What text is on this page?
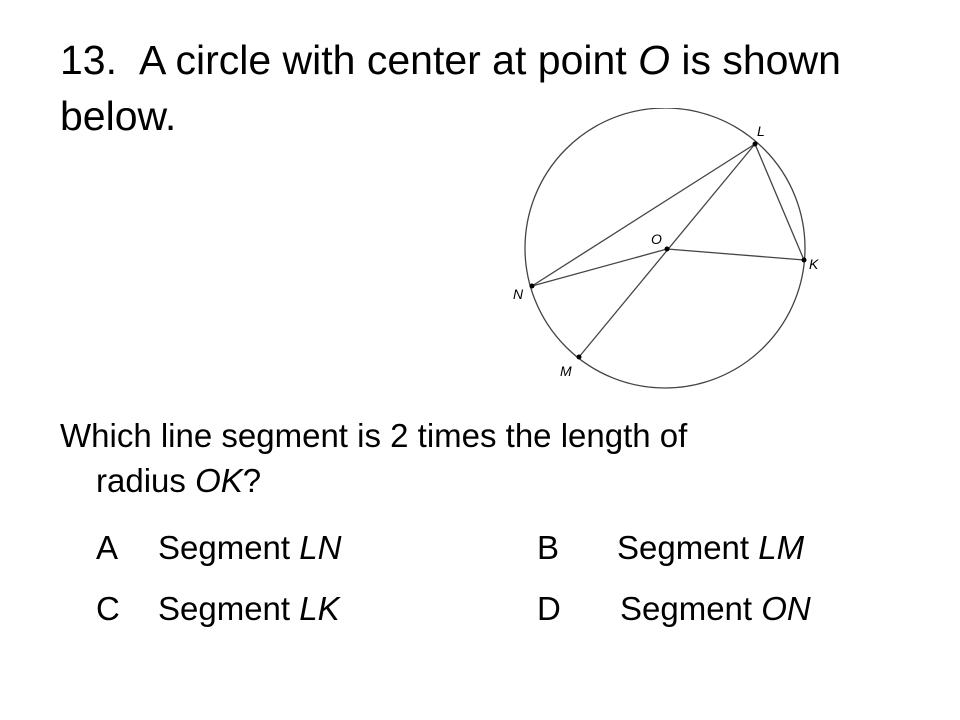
13. A circle with center at point O is shown below.	L
O
K
N
M

Which line segment is 2 times the length of
radius OK?

A Segment LN	B Segment LM
C Segment LK	D Segment ON
